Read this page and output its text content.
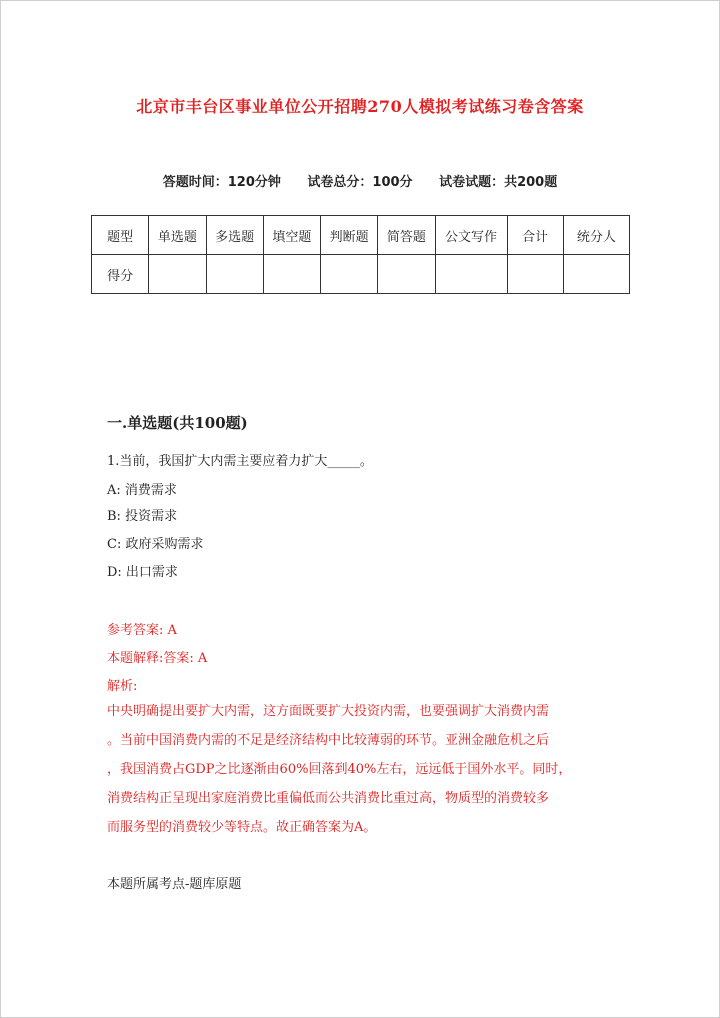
北京市丰台区事业单位公开招聘270人模拟考试练习卷含答案
答题时间：120分钟 试卷总分：100分 试卷试题：共200题
题型	单选题	多选题	填空题	判断题	简答题	公文写作	合计	统分人
得分								
一.单选题(共100题)
1.当前，我国扩大内需主要应着力扩大_____。
A: 消费需求
B: 投资需求
C: 政府采购需求
D: 出口需求
参考答案: A
本题解释:答案: A
解析:
中央明确提出要扩大内需，这方面既要扩大投资内需，也要强调扩大消费内需
。当前中国消费内需的不足是经济结构中比较薄弱的环节。亚洲金融危机之后
，我国消费占GDP之比逐渐由60%回落到40%左右，远远低于国外水平。同时，
消费结构正呈现出家庭消费比重偏低而公共消费比重过高，物质型的消费较多
而服务型的消费较少等特点。故正确答案为A。
本题所属考点-题库原题
